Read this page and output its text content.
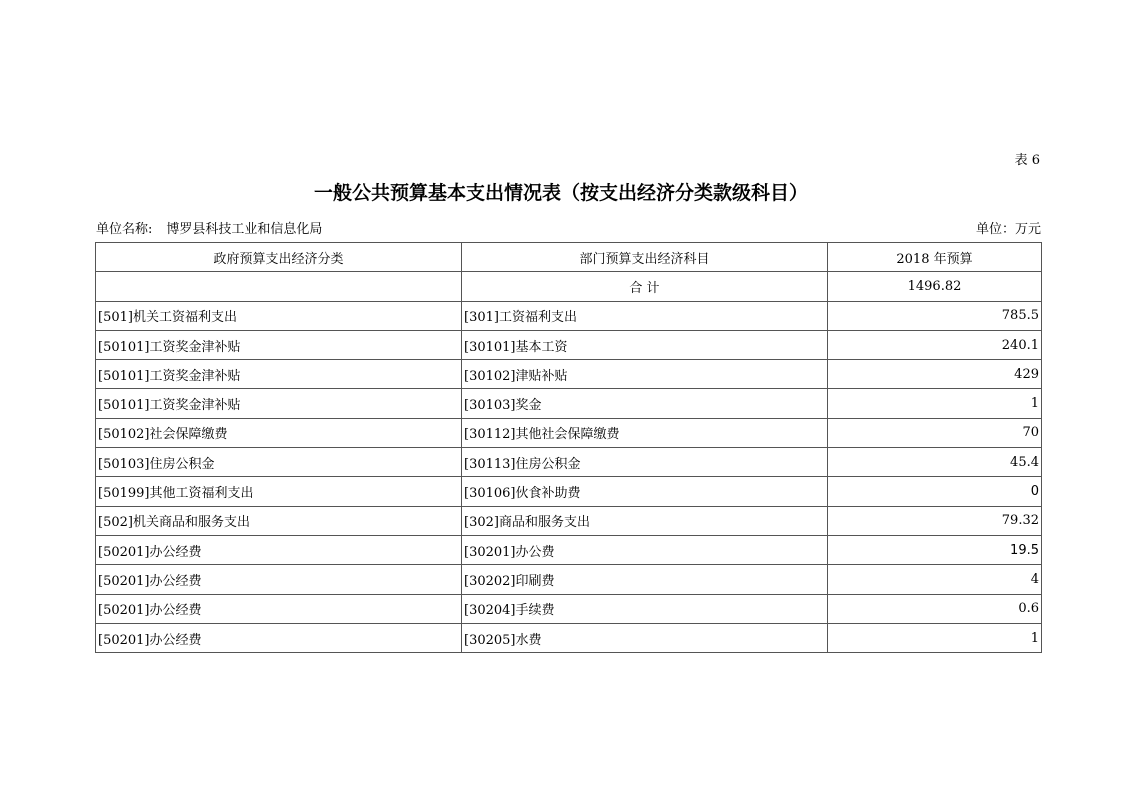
表 6
一般公共预算基本支出情况表（按支出经济分类款级科目）
单位名称: 博罗县科技工业和信息化局	单位：万元
政府预算支出经济分类	部门预算支出经济科目	2018 年预算
	合 计	1496.82
[501]机关工资福利支出	[301]工资福利支出	785.5
[50101]工资奖金津补贴	[30101]基本工资	240.1
[50101]工资奖金津补贴	[30102]津贴补贴	429
[50101]工资奖金津补贴	[30103]奖金	1
[50102]社会保障缴费	[30112]其他社会保障缴费	70
[50103]住房公积金	[30113]住房公积金	45.4
[50199]其他工资福利支出	[30106]伙食补助费	0
[502]机关商品和服务支出	[302]商品和服务支出	79.32
[50201]办公经费	[30201]办公费	19.5
[50201]办公经费	[30202]印刷费	4
[50201]办公经费	[30204]手续费	0.6
[50201]办公经费	[30205]水费	1
